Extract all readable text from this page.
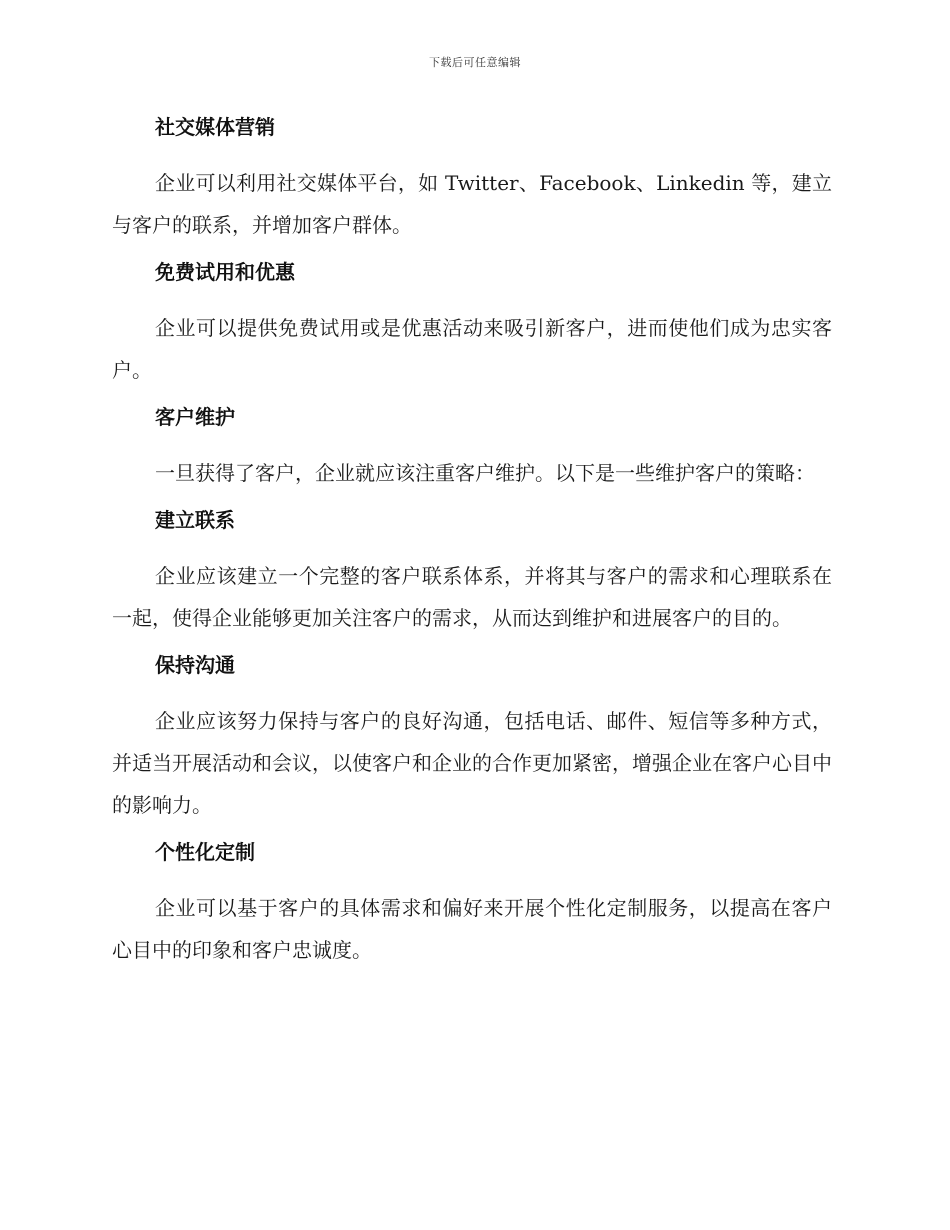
下载后可任意编辑
社交媒体营销
企业可以利用社交媒体平台，如 Twitter、Facebook、Linkedin 等，建立与客户的联系，并增加客户群体。
免费试用和优惠
企业可以提供免费试用或是优惠活动来吸引新客户，进而使他们成为忠实客户。
客户维护
一旦获得了客户，企业就应该注重客户维护。以下是一些维护客户的策略：
建立联系
企业应该建立一个完整的客户联系体系，并将其与客户的需求和心理联系在一起，使得企业能够更加关注客户的需求，从而达到维护和进展客户的目的。
保持沟通
企业应该努力保持与客户的良好沟通，包括电话、邮件、短信等多种方式，并适当开展活动和会议，以使客户和企业的合作更加紧密，增强企业在客户心目中的影响力。
个性化定制
企业可以基于客户的具体需求和偏好来开展个性化定制服务，以提高在客户心目中的印象和客户忠诚度。
